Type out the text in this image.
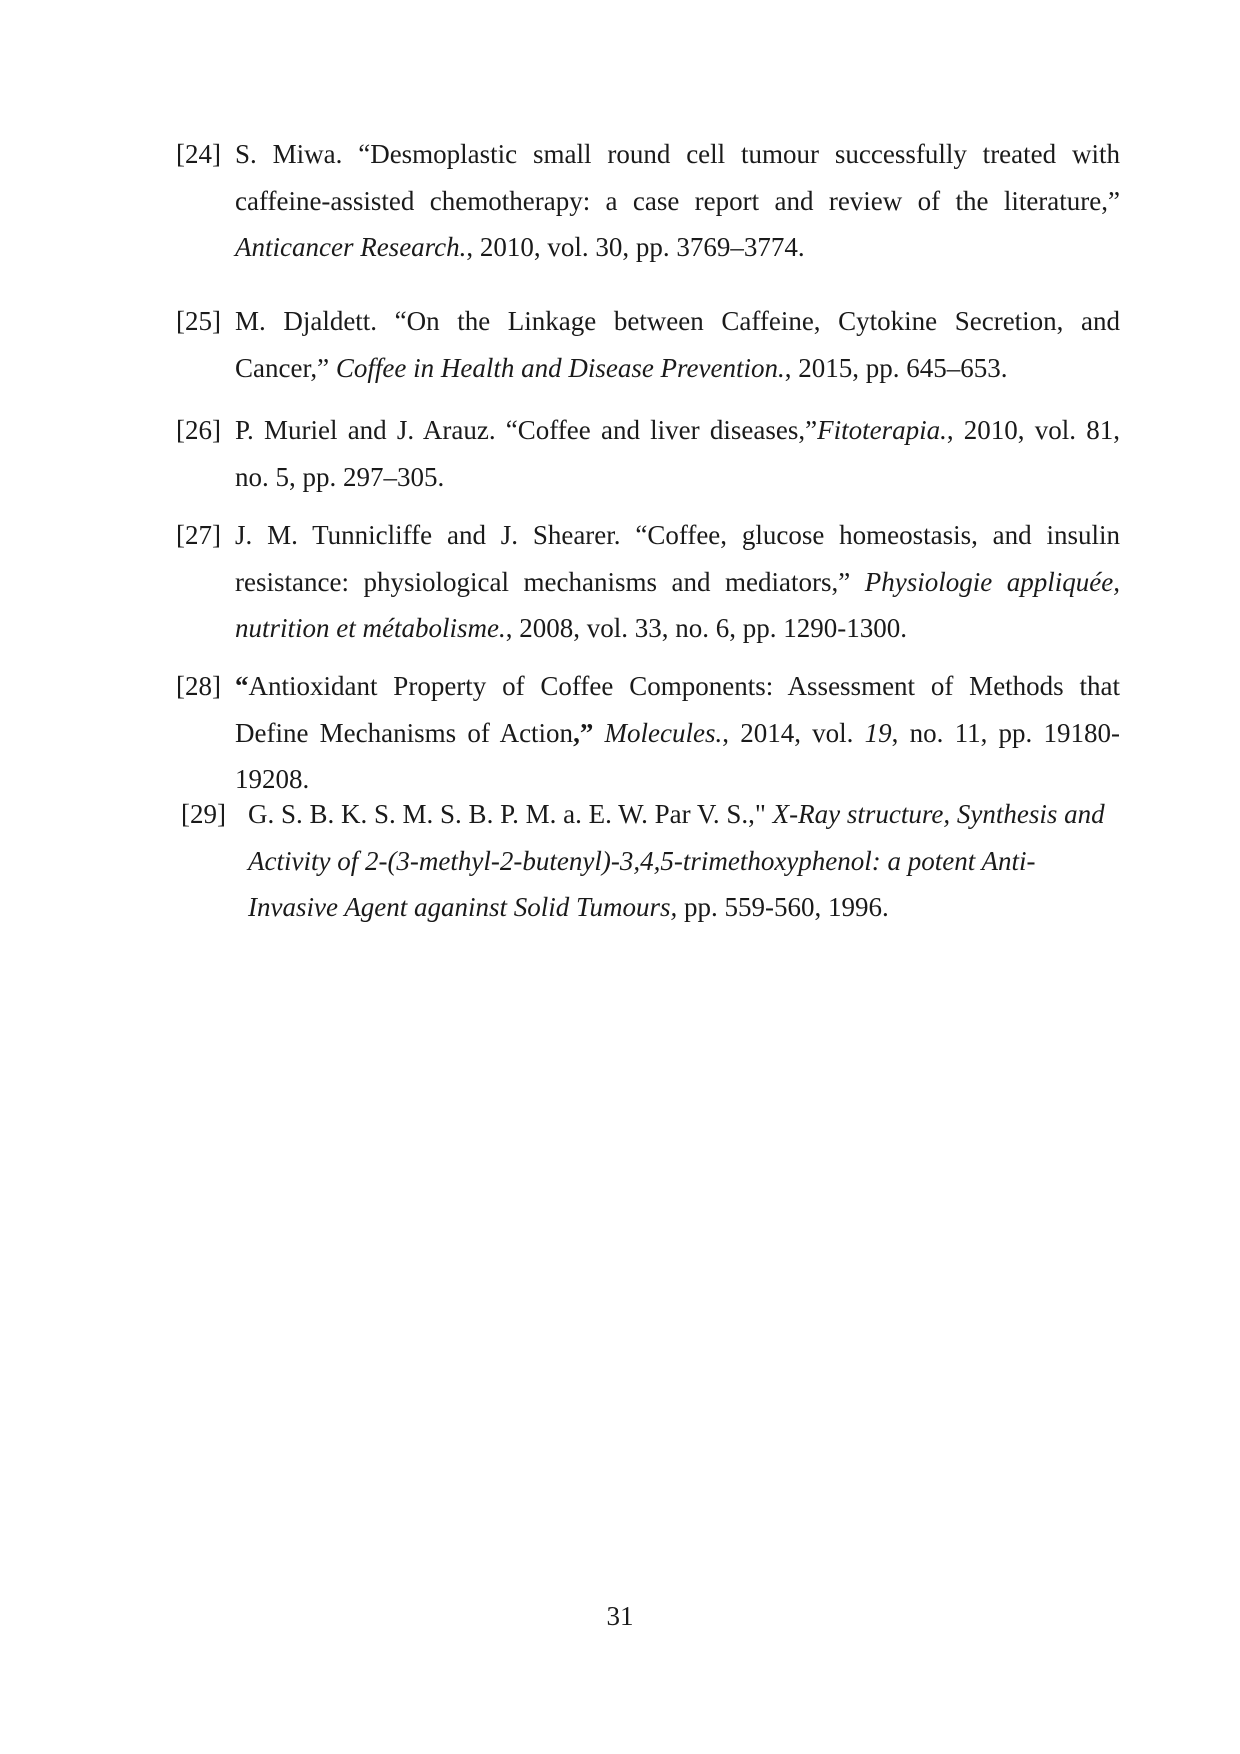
[24] S. Miwa. “Desmoplastic small round cell tumour successfully treated with caffeine-assisted chemotherapy: a case report and review of the literature,” Anticancer Research., 2010, vol. 30, pp. 3769–3774.
[25] M. Djaldett. “On the Linkage between Caffeine, Cytokine Secretion, and Cancer,” Coffee in Health and Disease Prevention., 2015, pp. 645–653.
[26] P. Muriel and J. Arauz. “Coffee and liver diseases,”Fitoterapia., 2010, vol. 81, no. 5, pp. 297–305.
[27] J. M. Tunnicliffe and J. Shearer. “Coffee, glucose homeostasis, and insulin resistance: physiological mechanisms and mediators,” Physiologie appliquée, nutrition et métabolisme., 2008, vol. 33, no. 6, pp. 1290-1300.
[28] “Antioxidant Property of Coffee Components: Assessment of Methods that Define Mechanisms of Action,” Molecules., 2014, vol. 19, no. 11, pp. 19180-19208.
[29] G. S. B. K. S. M. S. B. P. M. a. E. W. Par V. S.," X-Ray structure, Synthesis and Activity of 2-(3-methyl-2-butenyl)-3,4,5-trimethoxyphenol: a potent Anti-Invasive Agent aganinst Solid Tumours, pp. 559-560, 1996.
31
